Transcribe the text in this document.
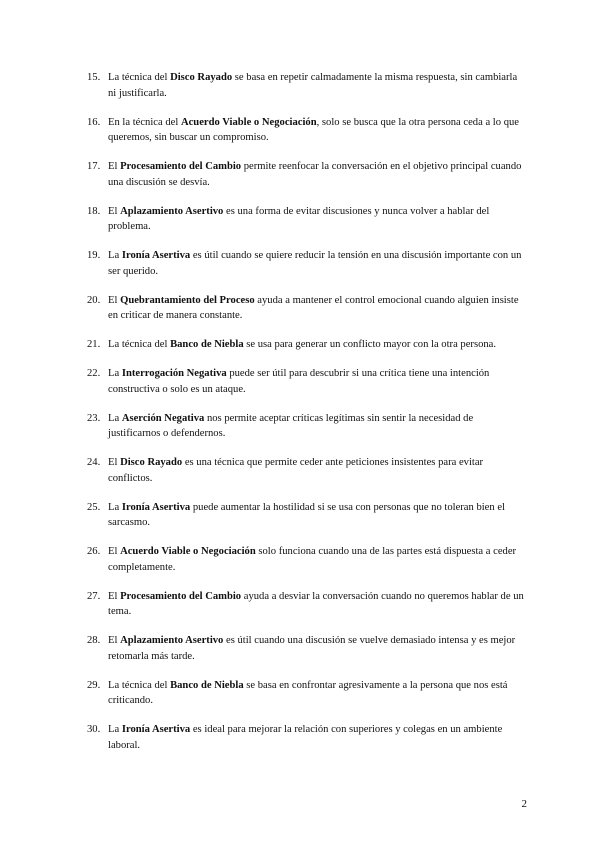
15. La técnica del Disco Rayado se basa en repetir calmadamente la misma respuesta, sin cambiarla ni justificarla.
16. En la técnica del Acuerdo Viable o Negociación, solo se busca que la otra persona ceda a lo que queremos, sin buscar un compromiso.
17. El Procesamiento del Cambio permite reenfocar la conversación en el objetivo principal cuando una discusión se desvía.
18. El Aplazamiento Asertivo es una forma de evitar discusiones y nunca volver a hablar del problema.
19. La Ironía Asertiva es útil cuando se quiere reducir la tensión en una discusión importante con un ser querido.
20. El Quebrantamiento del Proceso ayuda a mantener el control emocional cuando alguien insiste en criticar de manera constante.
21. La técnica del Banco de Niebla se usa para generar un conflicto mayor con la otra persona.
22. La Interrogación Negativa puede ser útil para descubrir si una crítica tiene una intención constructiva o solo es un ataque.
23. La Aserción Negativa nos permite aceptar críticas legítimas sin sentir la necesidad de justificarnos o defendernos.
24. El Disco Rayado es una técnica que permite ceder ante peticiones insistentes para evitar conflictos.
25. La Ironía Asertiva puede aumentar la hostilidad si se usa con personas que no toleran bien el sarcasmo.
26. El Acuerdo Viable o Negociación solo funciona cuando una de las partes está dispuesta a ceder completamente.
27. El Procesamiento del Cambio ayuda a desviar la conversación cuando no queremos hablar de un tema.
28. El Aplazamiento Asertivo es útil cuando una discusión se vuelve demasiado intensa y es mejor retomarla más tarde.
29. La técnica del Banco de Niebla se basa en confrontar agresivamente a la persona que nos está criticando.
30. La Ironía Asertiva es ideal para mejorar la relación con superiores y colegas en un ambiente laboral.
2
